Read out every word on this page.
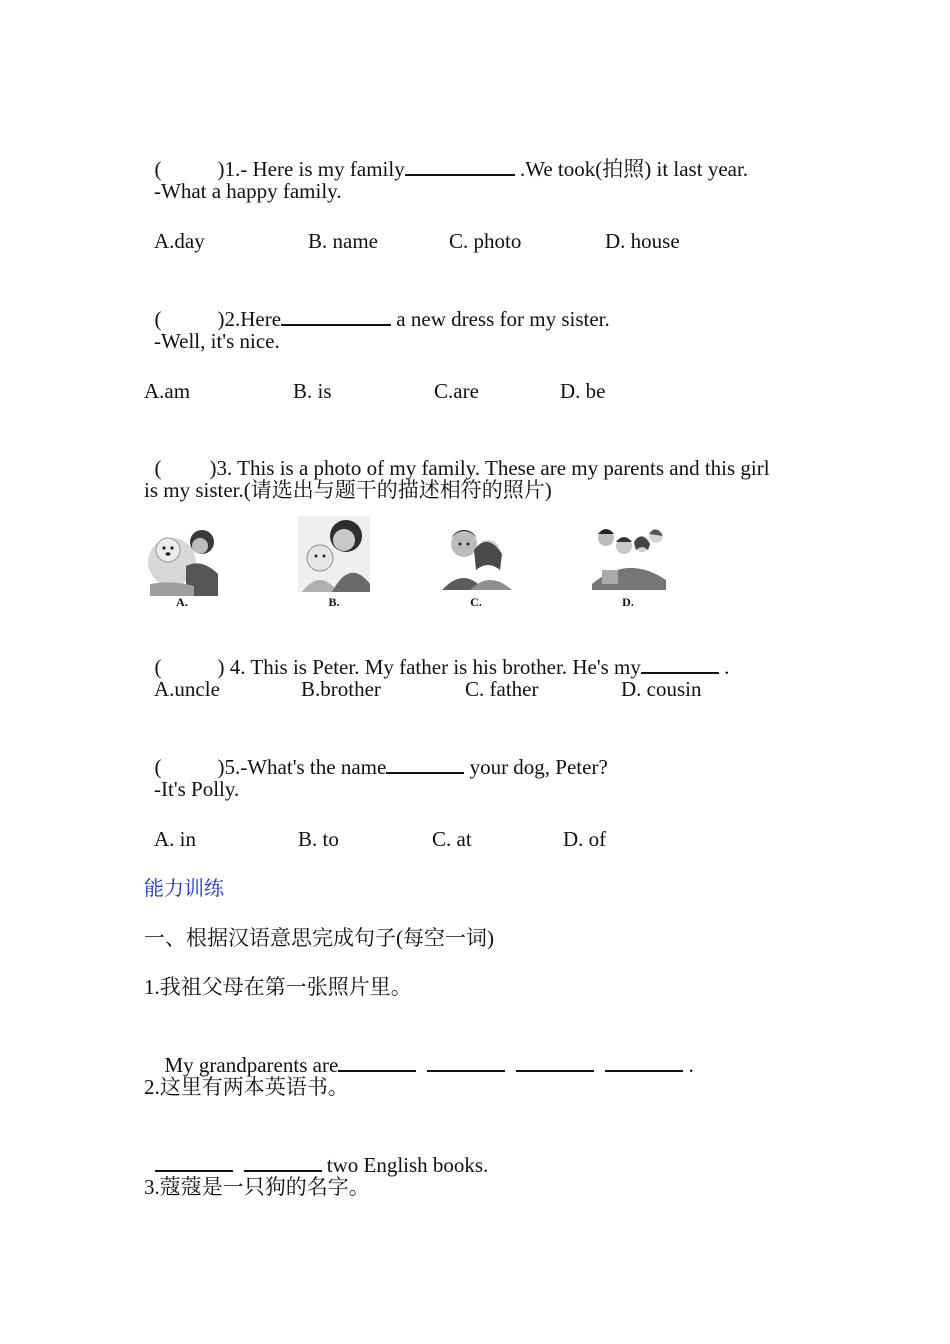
(	)1.- Here is my family	.We took(拍照) it last year.

-What a happy family.

A.day

	B. name

	C. photo

	D. house

(	)2.Here	a new dress for my sister.

-Well, it's nice.

A.am

	B. is

	C.are

	D. be

( )3. This is a photo of my family. These are my parents and this girl

is my sister.(请选出与题干的描述相符的照片)
A.	B.	C.	D.

(	) 4. This is Peter. My father is his brother. He's my	.

A.uncle

	B.brother

	C. father

	D. cousin

(	)5.-What's the name	your dog, Peter?

-It's Polly.

A. in

	B. to

	C. at

	D. of

能力训练
一、根据汉语意思完成句子(每空一词)
1.我祖父母在第一张照片里。

My grandparents are	.

2.这里有两本英语书。

two English books.

3.蔻蔻是一只狗的名字。
